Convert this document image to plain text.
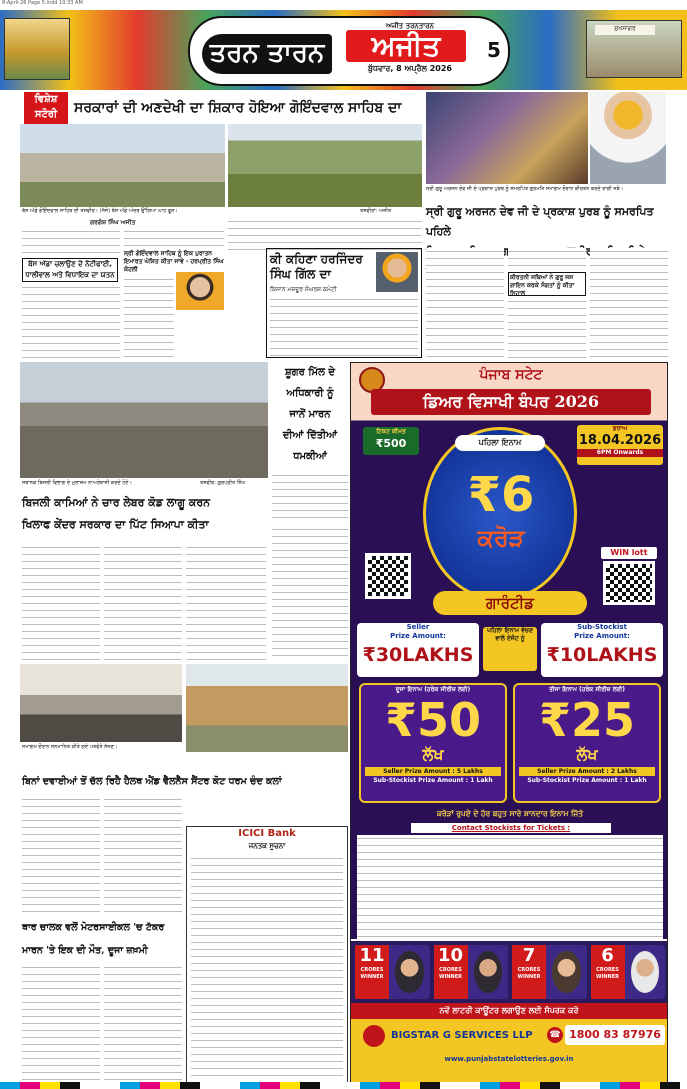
8-April-26 Page 5.indd 10:33 AM
ਤਰਨ ਤਾਰਨ
ਅਜੀਤ ਤਰਨਤਾਰਨ
ਅਜੀਤ
ਬੁੱਧਵਾਰ, 8 ਅਪ੍ਰੈਲ 2026
5
ਸੁਖਸਾਗਰ
ਵਿਸ਼ੇਸ਼
ਸਟੋਰੀ	ਸਰਕਾਰਾਂ ਦੀ ਅਣਦੇਖੀ ਦਾ ਸ਼ਿਕਾਰ ਹੋਇਆ ਗੋਇੰਦਵਾਲ ਸਾਹਿਬ ਦਾ
ਬੱਸ ਅੱਡੇ ਗੋਇੰਦਵਾਲ ਸਾਹਿਬ ਦੀ ਤਸਵੀਰ। (ਸੱਜੇ) ਬੱਸ ਅੱਡੇ ਅੰਦਰ ਉੱਗਿਆ ਘਾਹ ਫੂਸ।	ਤਸਵੀਰਾਂ: ਅਜੀਤ
ਗਰਗੋਸ਼ ਸਿੰਘ ਅਜੀਤ
ਬੱਸ ਅੱਡਾ ਚਲਾਉਣ ਦੇ ਨੋਟੀਫਾਈ,
ਧਾਲੀਵਾਲ ਅਤੇ ਵਿਧਾਇਕ ਦਾ ਯਤਨ
ਸ੍ਰੀ ਗੋਇੰਦਵਾਲ ਸਾਹਿਬ ਨੂੰ ਇਕ ਪੁਰਾਤਨ ਇਮਾਰਤ ਘੋਸ਼ਿਤ ਕੀਤਾ ਜਾਵੇ - ਹਰਪ੍ਰੀਤ ਸਿੰਘ ਕੋਹਲੀ
ਕੀ ਕਹਿਣਾ ਹਰਜਿੰਦਰ
ਸਿੰਘ ਗਿੱਲ ਦਾ
ਕਿਸਾਨ ਮਜ਼ਦੂਰ ਸੰਘਰਸ਼ ਕਮੇਟੀ
ਸ੍ਰੀ ਗੁਰੂ ਅਰਜਨ ਦੇਵ ਜੀ ਦੇ ਪ੍ਰਕਾਸ਼ ਪੁਰਬ ਨੂੰ ਸਮਰਪਿਤ ਗੁਰਮਤਿ ਸਮਾਗਮ ਦੌਰਾਨ ਕੀਰਤਨ ਕਰਦੇ ਰਾਗੀ ਜਥੇ।
ਸ੍ਰੀ ਗੁਰੂ ਅਰਜਨ ਦੇਵ ਜੀ ਦੇ ਪ੍ਰਕਾਸ਼ ਪੁਰਬ ਨੂੰ ਸਮਰਪਿਤ ਪਹਿਲੇ
ਕੀਰਤਨੀ ਜਥਿਆਂ ਨੇ ਗੁਰੂ ਜਸ ਗਾਇਨ ਕਰਕੇ ਸੰਗਤਾਂ ਨੂੰ ਕੀਤਾ ਨਿਹਾਲ
ਸਥਾਨਕ ਬਿਜਲੀ ਵਿਭਾਗ ਦੇ ਮੁਲਾਜ਼ਮ ਨਾਅਰੇਬਾਜ਼ੀ ਕਰਦੇ ਹੋਏ।	ਤਸਵੀਰ: ਗੁਰਪ੍ਰੀਤ ਸਿੰਘ
ਸ਼ੂਗਰ ਮਿੱਲ ਦੇ
ਅਧਿਕਾਰੀ ਨੂੰ
ਜਾਨੋਂ ਮਾਰਨ
ਦੀਆਂ ਦਿੱਤੀਆਂ
ਧਮਕੀਆਂ
ਬਿਜਲੀ ਕਾਮਿਆਂ ਨੇ ਚਾਰ ਲੇਬਰ ਕੋਡ ਲਾਗੂ ਕਰਨ
ਖਿਲਾਫ ਕੇਂਦਰ ਸਰਕਾਰ ਦਾ ਪਿੱਟ ਸਿਆਪਾ ਕੀਤਾ
ਸਮਾਗਮ ਦੌਰਾਨ ਸਨਮਾਨਿਤ ਕੀਤੇ ਗਏ ਪਤਵੰਤੇ ਸੱਜਣ।
ਬਿਨਾਂ ਦਵਾਈਆਂ ਤੋਂ ਚੱਲ ਰਿਹੈ ਹੈਲਥ ਐਂਡ ਵੈੱਲਨੈੱਸ ਸੈਂਟਰ ਕੋਟ ਧਰਮ ਚੰਦ ਕਲਾਂ
ICICI Bank
ਜਨਤਕ ਸੂਚਨਾ
ਥਾਰ ਚਾਲਕ ਵਲੋਂ ਮੋਟਰਸਾਈਕਲ 'ਚ ਟੱਕਰ
ਮਾਰਨ 'ਤੇ ਇਕ ਦੀ ਮੌਤ, ਦੂਜਾ ਜ਼ਖ਼ਮੀ
ਪੰਜਾਬ ਸਟੇਟ
ਡਿਅਰ ਵਿਸਾਖੀ ਬੰਪਰ 2026
ਟਿਕਟ ਕੀਮਤ
₹500
ਡਰਾਅ
18.04.2026
6PM Onwards
ਪਹਿਲਾ ਇਨਾਮ
₹6
ਕਰੋੜ
ਗਾਰੰਟੀਡ
WIN lott
Seller
Prize Amount:
₹30LAKHS
ਪਹਿਲਾ ਇਨਾਮ ਵੇਚਣ ਵਾਲੇ ਏਜੰਟ ਨੂੰ
Sub-Stockist
Prize Amount:
₹10LAKHS
ਦੂਜਾ ਇਨਾਮ (ਹਰੇਕ ਸੀਰੀਜ਼ ਲਈ)
₹50
ਲੱਖ
Seller Prize Amount : 5 Lakhs
Sub-Stockist Prize Amount : 1 Lakh
ਤੀਜਾ ਇਨਾਮ (ਹਰੇਕ ਸੀਰੀਜ਼ ਲਈ)
₹25
ਲੱਖ
Seller Prize Amount : 2 Lakhs
Sub-Stockist Prize Amount : 1 Lakh
ਕਰੋੜਾਂ ਰੁਪਏ ਦੇ ਹੋਰ ਬਹੁਤ ਸਾਰੇ ਸ਼ਾਨਦਾਰ ਇਨਾਮ ਜਿੱਤੋ
Contact Stockists for Tickets :
11
CRORES
WINNER
10
CRORES
WINNER
7
CRORES
WINNER
6
CRORES
WINNER
ਨਵੇਂ ਲਾਟਰੀ ਕਾਊਂਟਰ ਲਗਾਉਣ ਲਈ ਸੰਪਰਕ ਕਰੋ
BIGSTAR G SERVICES LLP	☎ 1800 83 87976
www.punjabstatelotteries.gov.in
